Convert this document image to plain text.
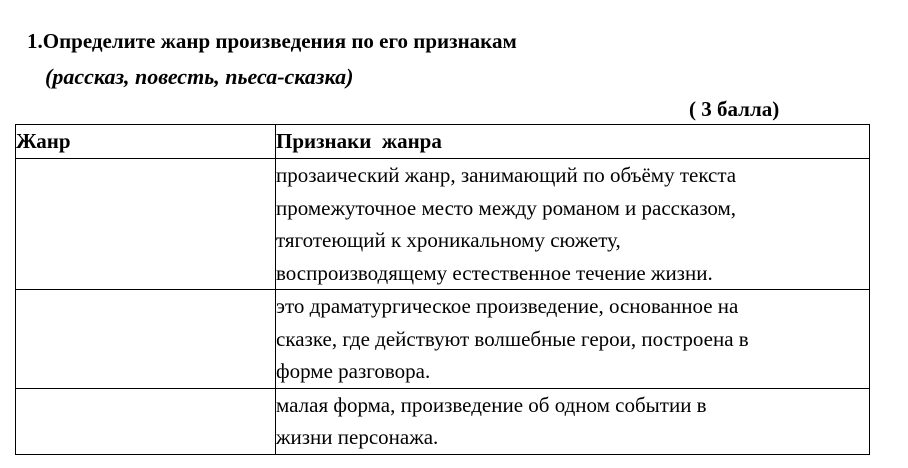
1.Определите жанр произведения по его признакам
(рассказ, повесть, пьеса-сказка)
( 3 балла)
Жанр	Признаки  жанра

	прозаический жанр, занимающий по объёму текста
промежуточное место между романом и рассказом,
тяготеющий к хроникальному сюжету,
воспроизводящему естественное течение жизни.

	это драматургическое произведение, основанное на
сказке, где действуют волшебные герои, построена в
форме разговора.

	малая форма, произведение об одном событии в
жизни персонажа.
